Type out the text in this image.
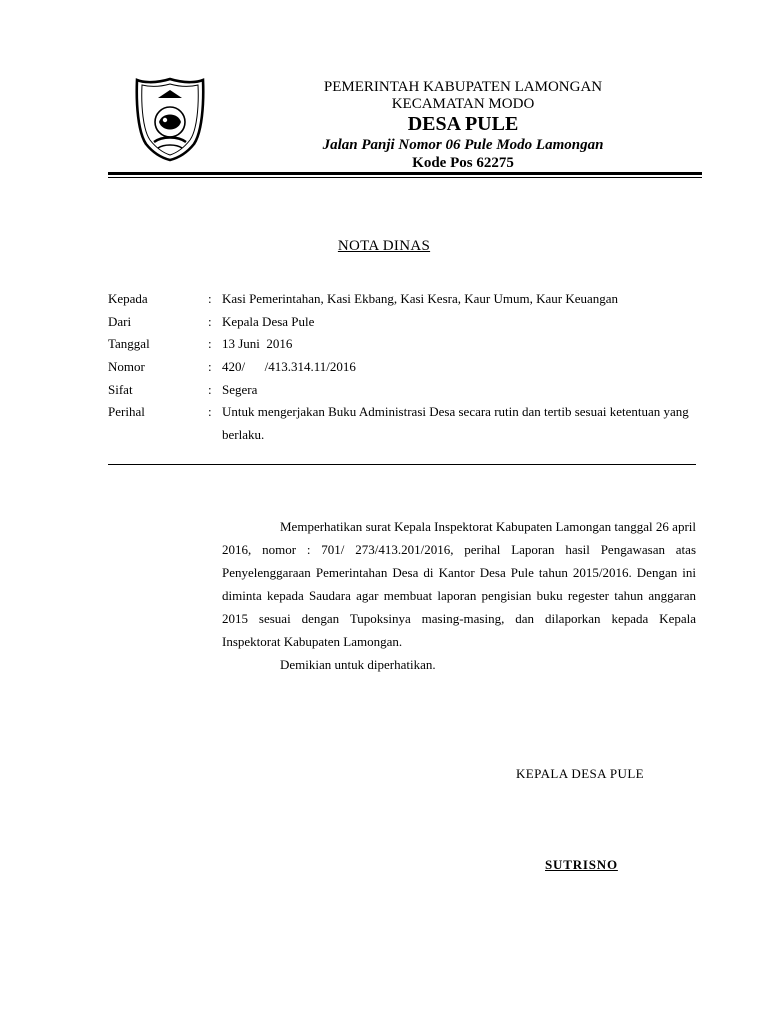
PEMERINTAH KABUPATEN LAMONGAN
KECAMATAN MODO
DESA PULE
Jalan Panji Nomor 06 Pule Modo Lamongan
Kode Pos 62275
NOTA DINAS
Kepada	: Kasi Pemerintahan, Kasi Ekbang, Kasi Kesra, Kaur Umum, Kaur Keuangan
Dari	: Kepala Desa Pule
Tanggal	: 13 Juni  2016
Nomor	: 420/      /413.314.11/2016
Sifat	: Segera
Perihal	: Untuk mengerjakan Buku Administrasi Desa secara rutin dan tertib sesuai ketentuan yang berlaku.

Memperhatikan surat Kepala Inspektorat Kabupaten Lamongan tanggal 26 april 2016, nomor : 701/ 273/413.201/2016, perihal Laporan hasil Pengawasan atas Penyelenggaraan Pemerintahan Desa di Kantor Desa Pule tahun 2015/2016. Dengan ini diminta kepada Saudara agar membuat laporan pengisian buku regester tahun anggaran 2015 sesuai dengan Tupoksinya masing-masing, dan dilaporkan kepada Kepala Inspektorat Kabupaten Lamongan.

Demikian untuk diperhatikan.

KEPALA DESA PULE
SUTRISNO
